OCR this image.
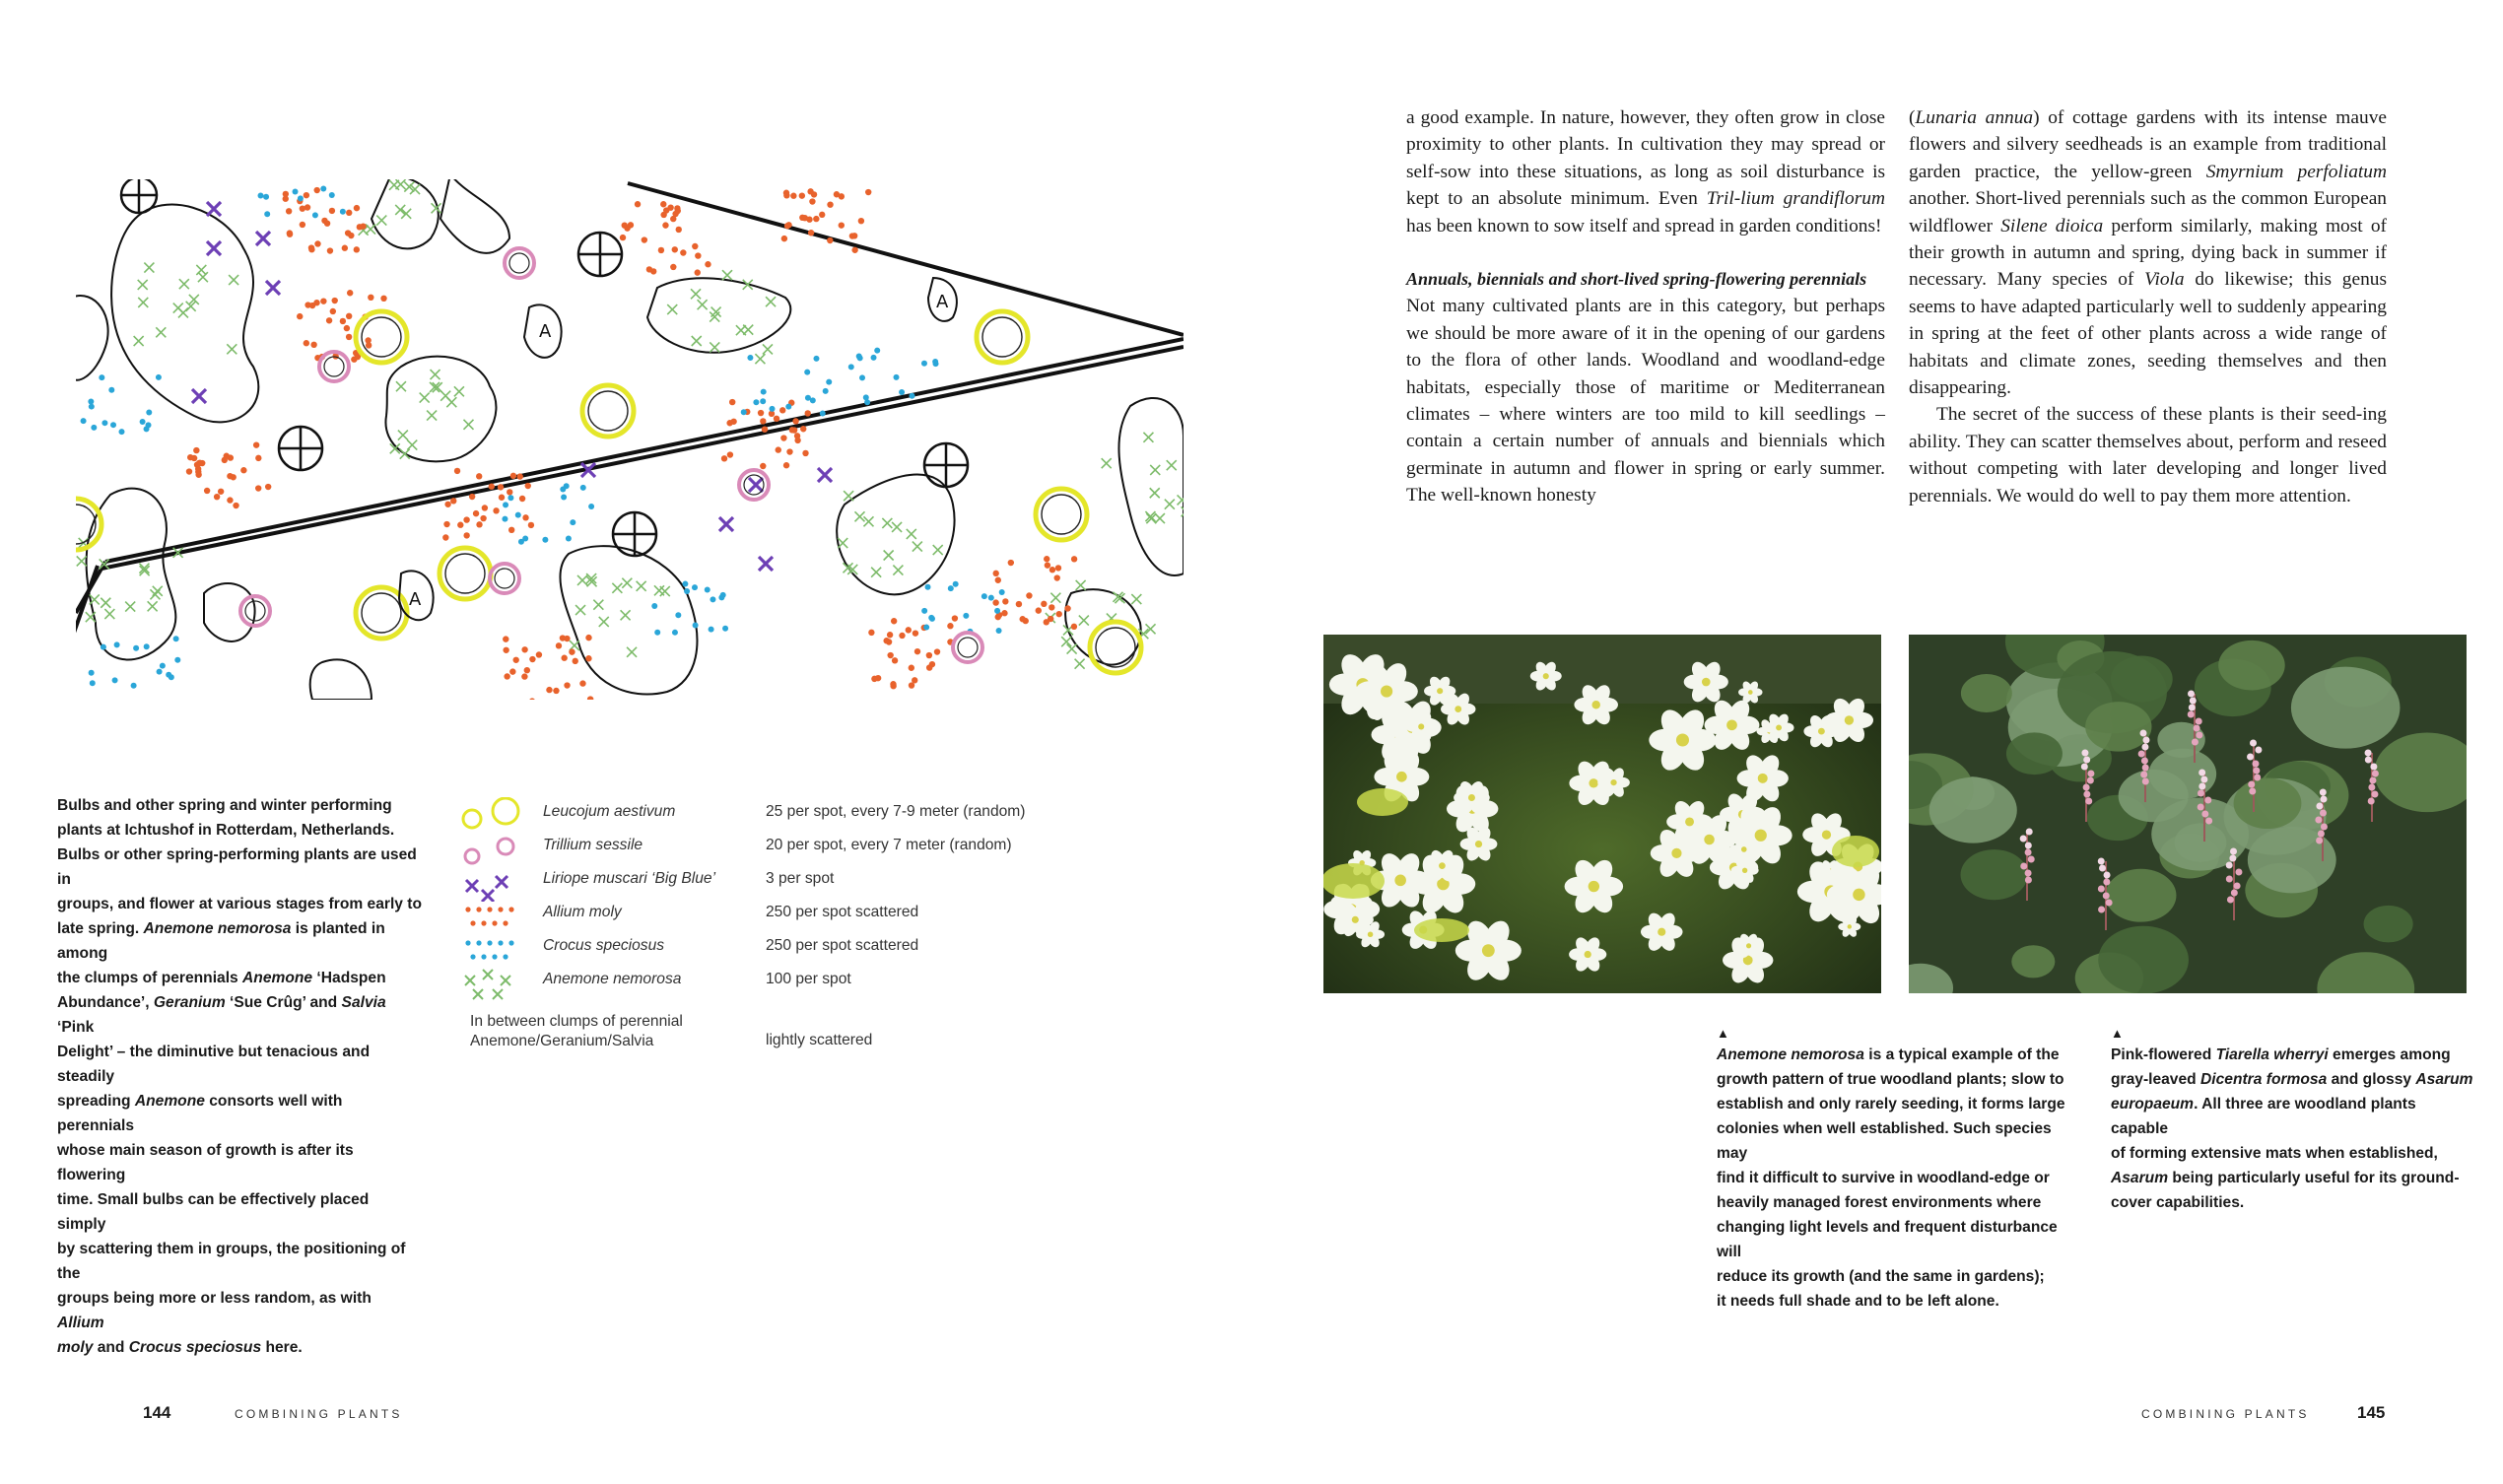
A
A
A

Bulbs and other spring and winter performing

plants at Ichtushof in Rotterdam, Netherlands.

Bulbs or other spring-performing plants are used in

groups, and flower at various stages from early to

late spring. Anemone nemorosa is planted in among

the clumps of perennials Anemone ‘Hadspen

Abundance’, Geranium ‘Sue Crûg’ and Salvia ‘Pink

Delight’ – the diminutive but tenacious and steadily

spreading Anemone consorts well with perennials

whose main season of growth is after its flowering

time. Small bulbs can be effectively placed simply

by scattering them in groups, the positioning of the

groups being more or less random, as with Allium

moly and Crocus speciosus here.

Leucojum aestivum	25 per spot, every 7-9 meter (random)
Trillium sessile	20 per spot, every 7 meter (random)
Liriope muscari ‘Big Blue’	3 per spot
Allium moly	250 per spot scattered
Crocus speciosus	250 per spot scattered
Anemone nemorosa	100 per spot
In between clumps of perennial
Anemone/Geranium/Salvia	lightly scattered
144	COMBINING PLANTS

a good example. In nature, however, they often grow in close proximity to other plants. In cultivation they may spread or self-sow into these situations, as long as soil disturbance is kept to an absolute minimum. Even Tril-lium grandiflorum has been known to sow itself and spread in garden conditions!

Annuals, biennials and short-lived spring-flowering perennials

Not many cultivated plants are in this category, but perhaps we should be more aware of it in the opening of our gardens to the flora of other lands. Woodland and woodland-edge habitats, especially those of maritime or Mediterranean climates – where winters are too mild to kill seedlings – contain a certain number of annuals and biennials which germinate in autumn and flower in spring or early summer. The well-known honesty

(Lunaria annua) of cottage gardens with its intense mauve flowers and silvery seedheads is an example from traditional garden practice, the yellow-green Smyrnium perfoliatum another. Short-lived perennials such as the common European wildflower Silene dioica perform similarly, making most of their growth in autumn and spring, dying back in summer if necessary. Many species of Viola do likewise; this genus seems to have adapted particularly well to suddenly appearing in spring at the feet of other plants across a wide range of habitats and climate zones, seeding themselves and then disappearing.

The secret of the success of these plants is their seed-ing ability. They can scatter themselves about, perform and reseed without competing with later developing and longer lived perennials. We would do well to pay them more attention.

▲

Anemone nemorosa is a typical example of the

growth pattern of true woodland plants; slow to

establish and only rarely seeding, it forms large

colonies when well established. Such species may

find it difficult to survive in woodland-edge or

heavily managed forest environments where

changing light levels and frequent disturbance will

reduce its growth (and the same in gardens);

it needs full shade and to be left alone.

▲

Pink-flowered Tiarella wherryi emerges among

gray-leaved Dicentra formosa and glossy Asarum

europaeum. All three are woodland plants capable

of forming extensive mats when established,

Asarum being particularly useful for its ground-

cover capabilities.

COMBINING PLANTS	145
